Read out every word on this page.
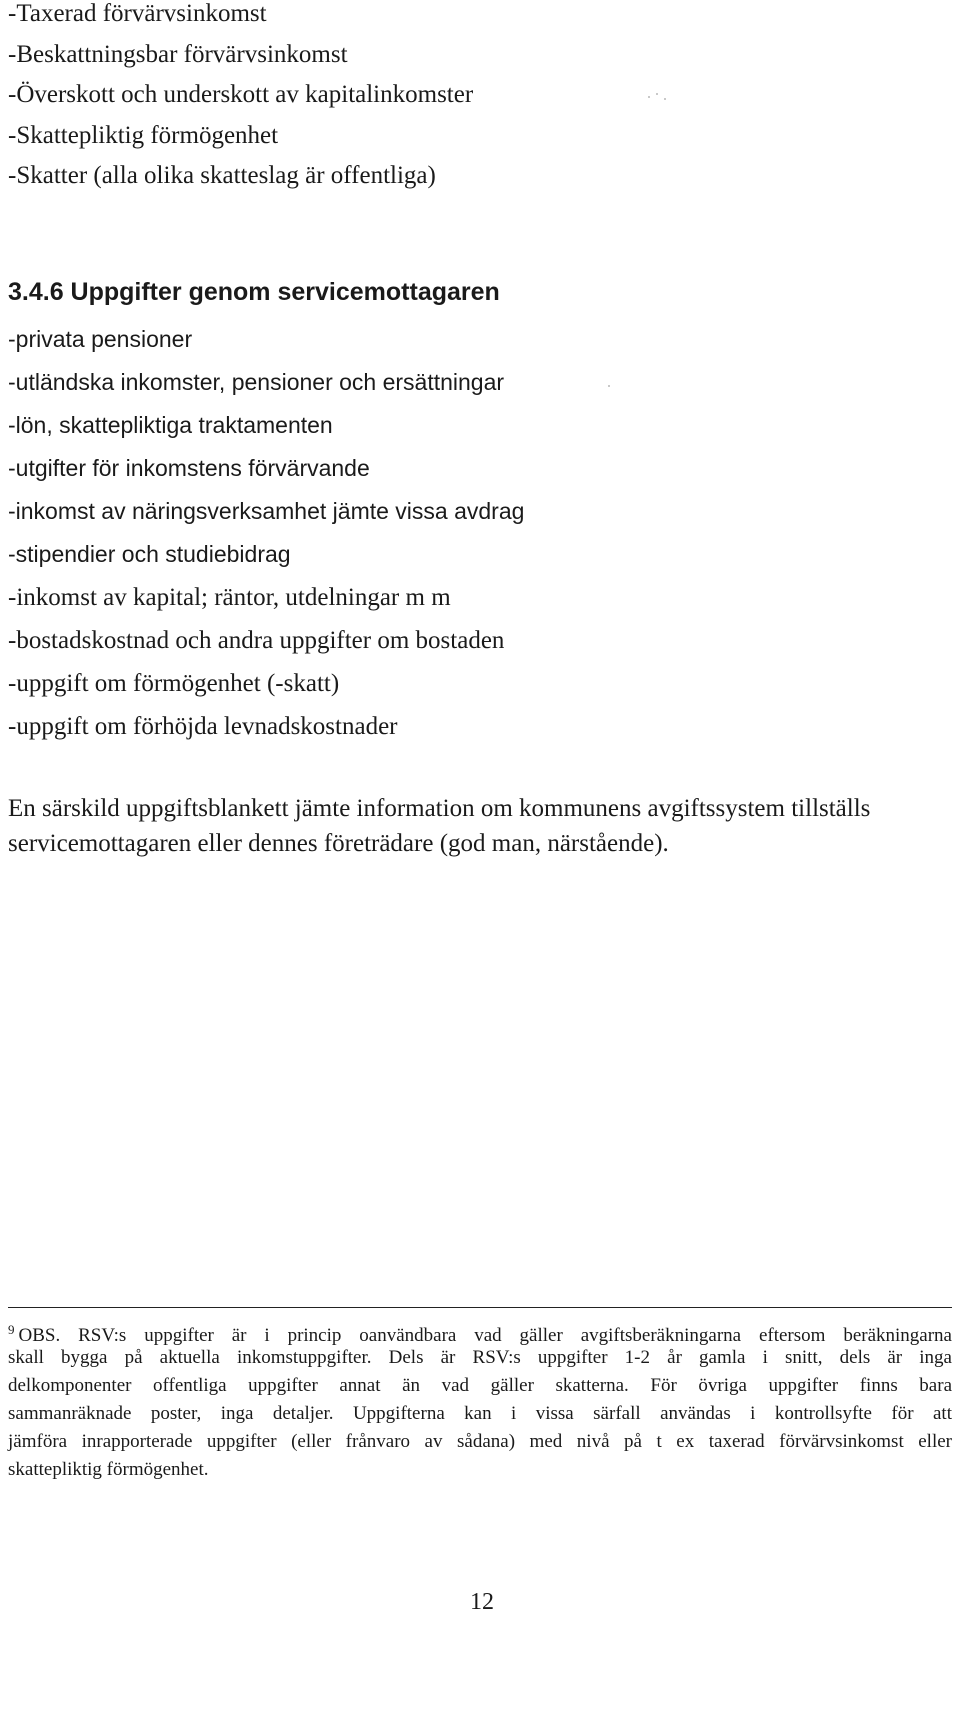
-Taxerad förvärvsinkomst
-Beskattningsbar förvärvsinkomst
-Överskott och underskott av kapitalinkomster
-Skattepliktig förmögenhet
-Skatter (alla olika skatteslag är offentliga)
3.4.6 Uppgifter genom servicemottagaren
-privata pensioner
-utländska inkomster, pensioner och ersättningar
-lön, skattepliktiga traktamenten
-utgifter för inkomstens förvärvande
-inkomst av näringsverksamhet jämte vissa avdrag
-stipendier och studiebidrag
-inkomst av kapital; räntor, utdelningar m m
-bostadskostnad och andra uppgifter om bostaden
-uppgift om förmögenhet (-skatt)
-uppgift om förhöjda levnadskostnader
En särskild uppgiftsblankett jämte information om kommunens avgiftssystem tillställs
servicemottagaren eller dennes företrädare (god man, närstående).
$^9$ OBS. RSV:s uppgifter är i princip oanvändbara vad gäller avgiftsberäkningarna eftersom beräkningarna
skall bygga på aktuella inkomstuppgifter. Dels är RSV:s uppgifter 1-2 år gamla i snitt, dels är inga
delkomponenter offentliga uppgifter annat än vad gäller skatterna. För övriga uppgifter finns bara
sammanräknade poster, inga detaljer. Uppgifterna kan i vissa särfall användas i kontrollsyfte för att
jämföra inrapporterade uppgifter (eller frånvaro av sådana) med nivå på t ex taxerad förvärvsinkomst eller
skattepliktig förmögenhet.
12
